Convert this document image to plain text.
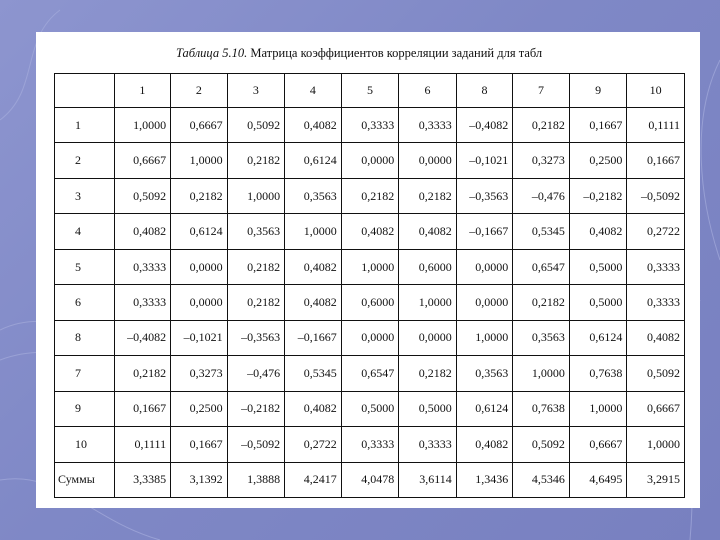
Таблица 5.10. Матрица коэффициентов корреляции заданий для табл
	1	2	3	4	5	6	8	7	9	10
1	1,0000	0,6667	0,5092	0,4082	0,3333	0,3333	–0,4082	0,2182	0,1667	0,1111
2	0,6667	1,0000	0,2182	0,6124	0,0000	0,0000	–0,1021	0,3273	0,2500	0,1667
3	0,5092	0,2182	1,0000	0,3563	0,2182	0,2182	–0,3563	–0,476	–0,2182	–0,5092
4	0,4082	0,6124	0,3563	1,0000	0,4082	0,4082	–0,1667	0,5345	0,4082	0,2722
5	0,3333	0,0000	0,2182	0,4082	1,0000	0,6000	0,0000	0,6547	0,5000	0,3333
6	0,3333	0,0000	0,2182	0,4082	0,6000	1,0000	0,0000	0,2182	0,5000	0,3333
8	–0,4082	–0,1021	–0,3563	–0,1667	0,0000	0,0000	1,0000	0,3563	0,6124	0,4082
7	0,2182	0,3273	–0,476	0,5345	0,6547	0,2182	0,3563	1,0000	0,7638	0,5092
9	0,1667	0,2500	–0,2182	0,4082	0,5000	0,5000	0,6124	0,7638	1,0000	0,6667
10	0,1111	0,1667	–0,5092	0,2722	0,3333	0,3333	0,4082	0,5092	0,6667	1,0000
Суммы	3,3385	3,1392	1,3888	4,2417	4,0478	3,6114	1,3436	4,5346	4,6495	3,2915
